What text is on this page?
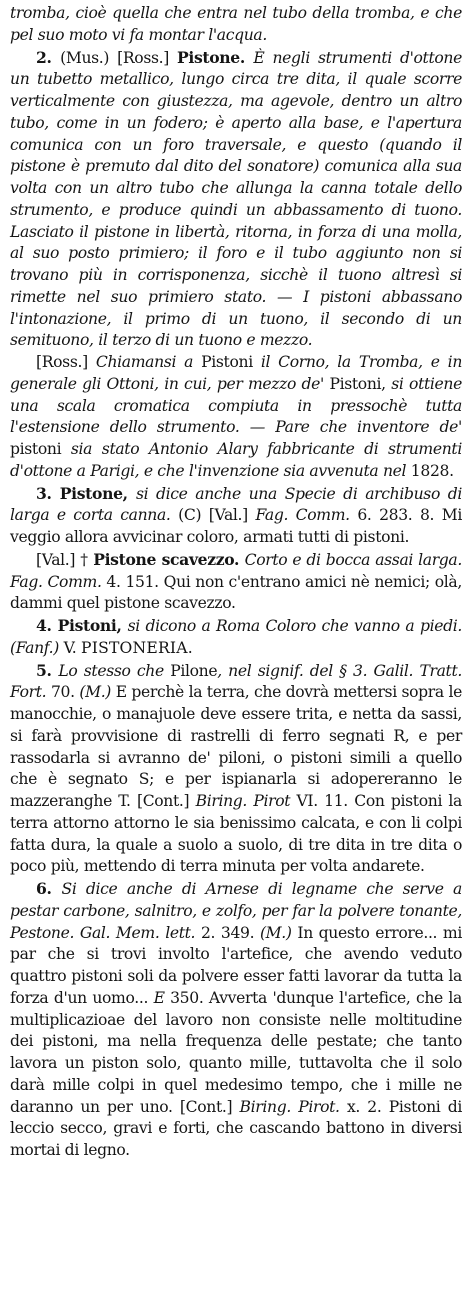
tromba, cioè quella che entra nel tubo della tromba, e che pel suo moto vi fa montar l'acqua.

2. (Mus.) [Ross.] Pistone. È negli strumenti d'ottone un tubetto metallico, lungo circa tre dita, il quale scorre verticalmente con giustezza, ma agevole, dentro un altro tubo, come in un fodero; è aperto alla base, e l'apertura comunica con un foro traversale, e questo (quando il pistone è premuto dal dito del sonatore) comunica alla sua volta con un altro tubo che allunga la canna totale dello strumento, e produce quindi un abbassamento di tuono. Lasciato il pistone in libertà, ritorna, in forza di una molla, al suo posto primiero; il foro e il tubo aggiunto non si trovano più in corrisponenza, sicchè il tuono altresì si rimette nel suo primiero stato. — I pistoni abbassano l'intonazione, il primo di un tuono, il secondo di un semituono, il terzo di un tuono e mezzo.

[Ross.] Chiamansi a Pistoni il Corno, la Tromba, e in generale gli Ottoni, in cui, per mezzo de' Pistoni, si ottiene una scala cromatica compiuta in pressochè tutta l'estensione dello strumento. — Pare che inventore de' pistoni sia stato Antonio Alary fabbricante di strumenti d'ottone a Parigi, e che l'invenzione sia avvenuta nel 1828.

3. Pistone, si dice anche una Specie di archibuso di larga e corta canna. (C) [Val.] Fag. Comm. 6. 283. 8. Mi veggio allora avvicinar coloro, armati tutti di pistoni.

[Val.] † Pistone scavezzo. Corto e di bocca assai larga. Fag. Comm. 4. 151. Qui non c'entrano amici nè nemici; olà, dammi quel pistone scavezzo.

4. Pistoni, si dicono a Roma Coloro che vanno a piedi. (Fanf.) V. PISTONERIA.

5. Lo stesso che Pilone, nel signif. del § 3. Galil. Tratt. Fort. 70. (M.) E perchè la terra, che dovrà mettersi sopra le manocchie, o manajuole deve essere trita, e netta da sassi, si farà provvisione di rastrelli di ferro segnati R, e per rassodarla si avranno de' piloni, o pistoni simili a quello che è segnato S; e per ispianarla si adopereranno le mazzeranghe T. [Cont.] Biring. Pirot VI. 11. Con pistoni la terra attorno attorno le sia benissimo calcata, e con li colpi fatta dura, la quale a suolo a suolo, di tre dita in tre dita o poco più, mettendo di terra minuta per volta andarete.

6. Si dice anche di Arnese di legname che serve a pestar carbone, salnitro, e zolfo, per far la polvere tonante, Pestone. Gal. Mem. lett. 2. 349. (M.) In questo errore... mi par che si trovi involto l'artefice, che avendo veduto quattro pistoni soli da polvere esser fatti lavorar da tutta la forza d'un uomo... E 350. Avverta 'dunque l'artefice, che la multiplicazioae del lavoro non consiste nelle moltitudine dei pistoni, ma nella frequenza delle pestate; che tanto lavora un piston solo, quanto mille, tuttavolta che il solo darà mille colpi in quel medesimo tempo, che i mille ne daranno un per uno. [Cont.] Biring. Pirot. x. 2. Pistoni di leccio secco, gravi e forti, che cascando battono in diversi mortai di legno.
